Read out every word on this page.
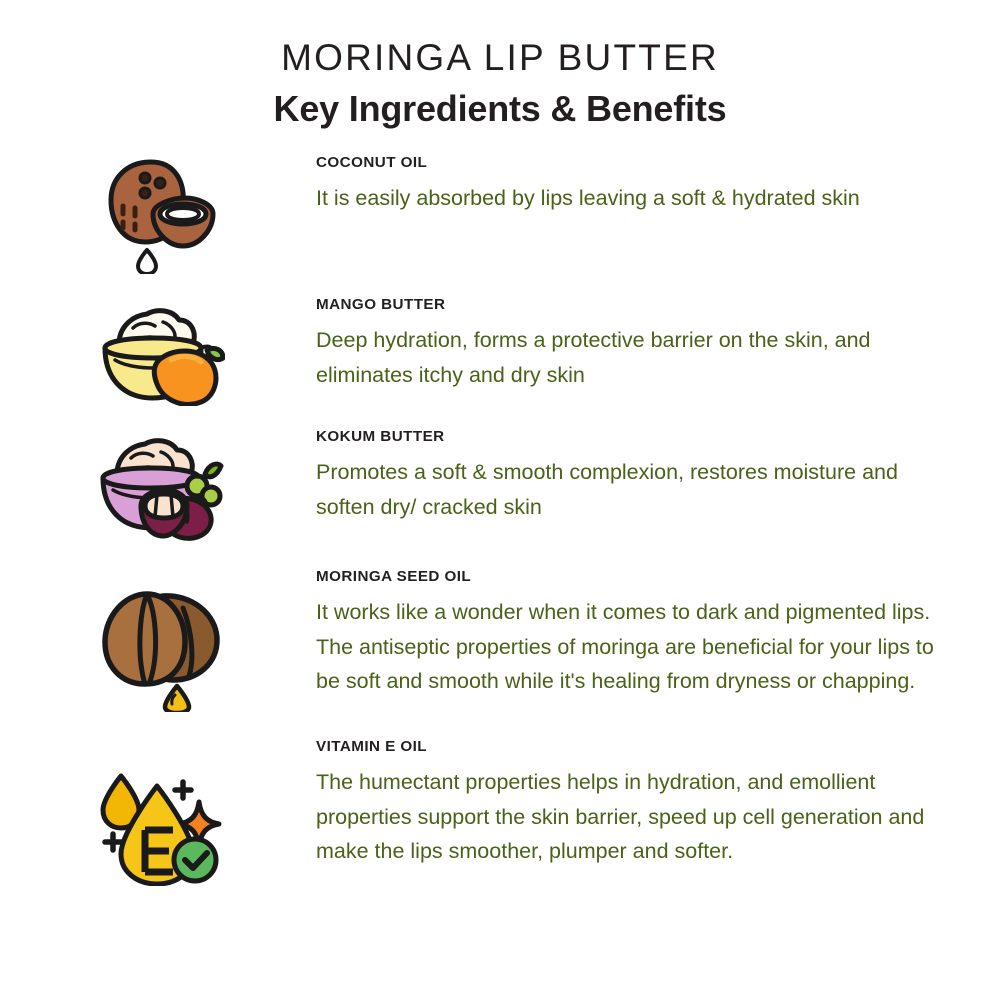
MORINGA LIP BUTTER
Key Ingredients & Benefits
COCONUT OIL
It is easily absorbed by lips leaving a soft & hydrated skin
MANGO BUTTER
Deep hydration, forms a protective barrier on the skin, and eliminates itchy and dry skin
KOKUM BUTTER
Promotes a soft & smooth complexion, restores moisture and soften dry/ cracked skin
MORINGA SEED OIL
It works like a wonder when it comes to dark and pigmented lips. The antiseptic properties of moringa are beneficial for your lips to be soft and smooth while it's healing from dryness or chapping.
VITAMIN E OIL
The humectant properties helps in hydration, and emollient properties support the skin barrier, speed up cell generation and make the lips smoother, plumper and softer.
